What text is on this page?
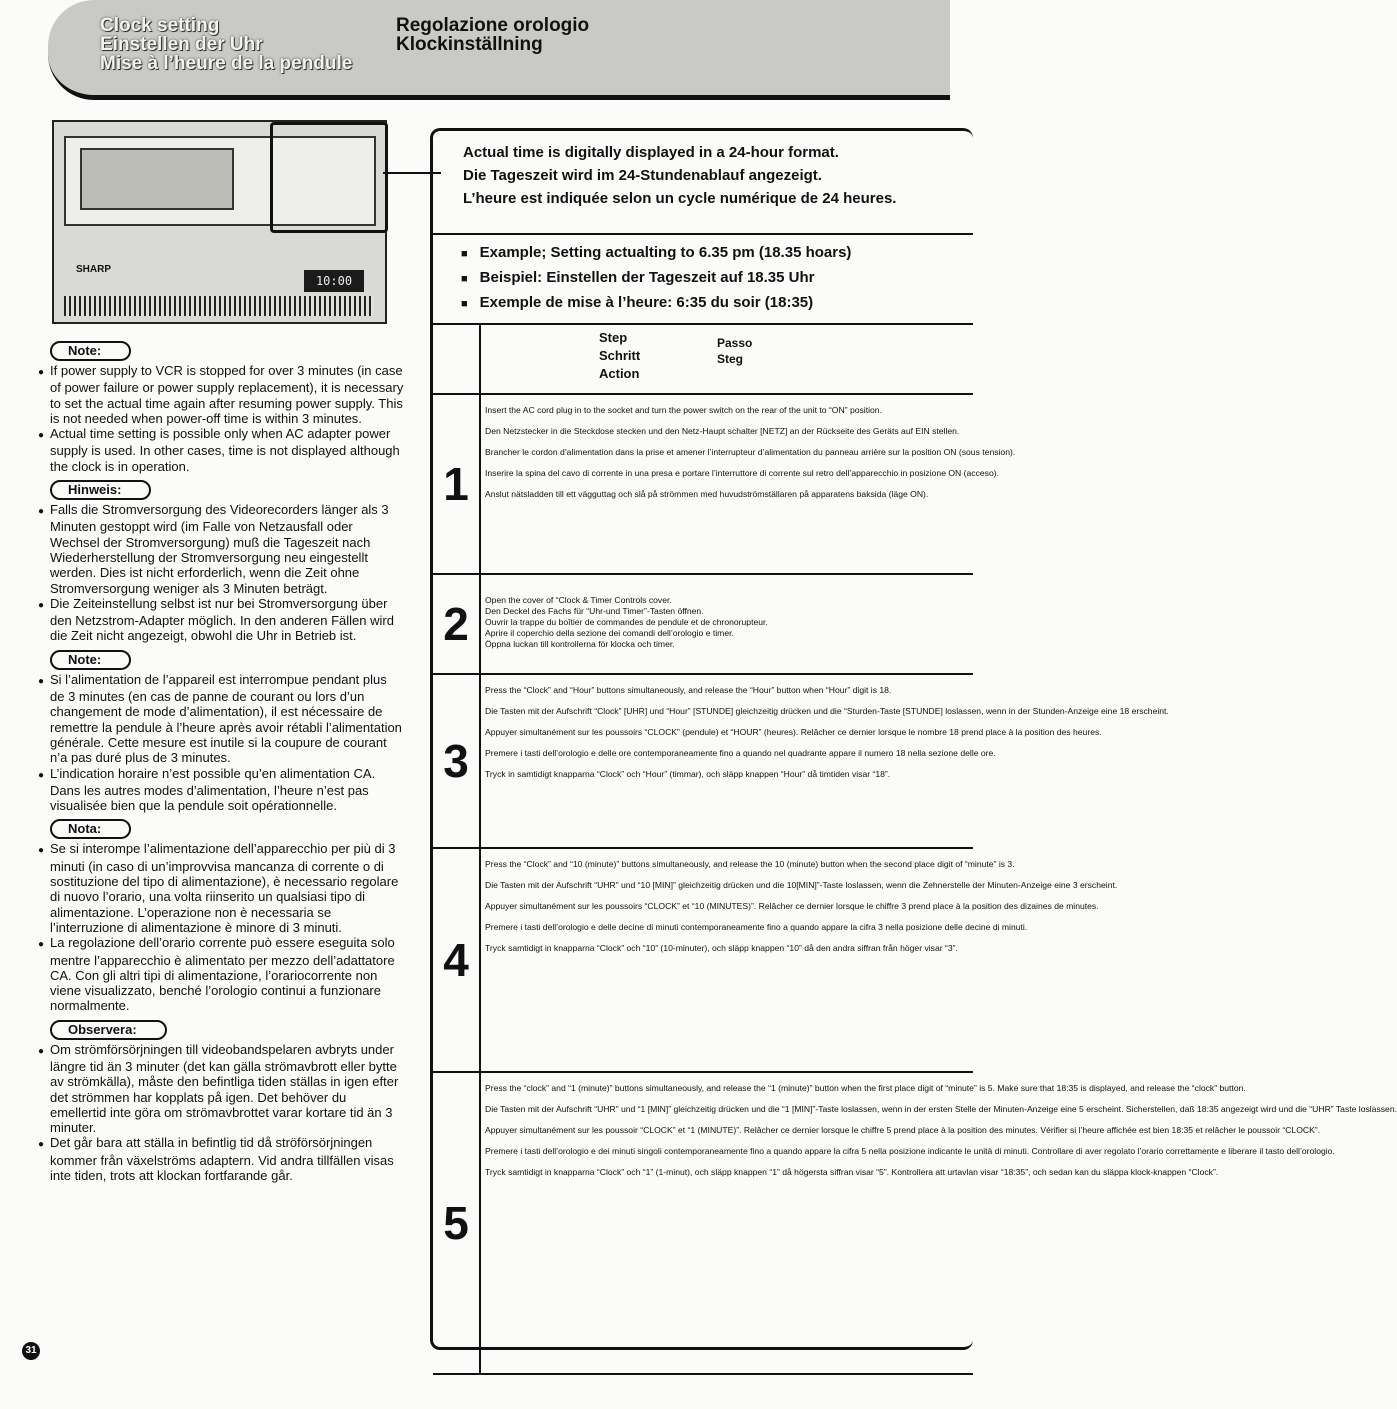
Clock setting
Einstellen der Uhr
Mise à l’heure de la pendule
Regolazione orologio
Klockinställning
SHARP
10:00
Note:
● If power supply to VCR is stopped for over 3 minutes (in case of power failure or power supply replacement), it is necessary to set the actual time again after resuming power supply. This is not needed when power-off time is within 3 minutes.
● Actual time setting is possible only when AC adapter power supply is used. In other cases, time is not displayed although the clock is in operation.
Hinweis:
● Falls die Stromversorgung des Videorecorders länger als 3 Minuten gestoppt wird (im Falle von Netzausfall oder Wechsel der Stromversorgung) muß die Tageszeit nach Wiederherstellung der Stromversorgung neu eingestellt werden. Dies ist nicht erforderlich, wenn die Zeit ohne Stromversorgung weniger als 3 Minuten beträgt.
● Die Zeiteinstellung selbst ist nur bei Stromversorgung über den Netzstrom-Adapter möglich. In den anderen Fällen wird die Zeit nicht angezeigt, obwohl die Uhr in Betrieb ist.
Note:
● Si l’alimentation de l’appareil est interrompue pendant plus de 3 minutes (en cas de panne de courant ou lors d’un changement de mode d’alimentation), il est nécessaire de remettre la pendule à l’heure après avoir rétabli l’alimentation générale. Cette mesure est inutile si la coupure de courant n’a pas duré plus de 3 minutes.
● L’indication horaire n’est possible qu’en alimentation CA. Dans les autres modes d’alimentation, l’heure n’est pas visualisée bien que la pendule soit opérationnelle.
Nota:
● Se si interompe l’alimentazione dell’apparecchio per più di 3 minuti (in caso di un’improvvisa mancanza di corrente o di sostituzione del tipo di alimentazione), è necessario regolare di nuovo l’orario, una volta riinserito un qualsiasi tipo di alimentazione. L’operazione non è necessaria se l’interruzione di alimentazione è minore di 3 minuti.
● La regolazione dell’orario corrente può essere eseguita solo mentre l’apparecchio è alimentato per mezzo dell’adattatore CA. Con gli altri tipi di alimentazione, l’orariocorrente non viene visualizzato, benché l’orologio continui a funzionare normalmente.
Observera:
● Om strömförsörjningen till videobandspelaren avbryts under längre tid än 3 minuter (det kan gälla strömavbrott eller bytte av strömkälla), måste den befintliga tiden ställas in igen efter det strömmen har kopplats på igen. Det behöver du emellertid inte göra om strömavbrottet varar kortare tid än 3 minuter.
● Det går bara att ställa in befintlig tid då ströförsörjningen kommer från växelströms adaptern. Vid andra tillfällen visas inte tiden, trots att klockan fortfarande går.
31
Actual time is digitally displayed in a 24-hour format.
Die Tageszeit wird im 24-Stundenablauf angezeigt.
L’heure est indiquée selon un cycle numérique de 24 heures.
■ Example; Setting actualting to 6.35 pm (18.35 hoars)
■ Beispiel: Einstellen der Tageszeit auf 18.35 Uhr
■ Exemple de mise à l’heure: 6:35 du soir (18:35)
Step
Schritt
Action
Passo
Steg
1
Insert the AC cord plug in to the socket and turn the power switch on the rear of the unit to “ON” position.
Den Netzstecker in die Steckdose stecken und den Netz-Haupt schalter [NETZ] an der Rückseite des Geräts auf EIN stellen.
Brancher le cordon d’alimentation dans la prise et amener l’interrupteur d’alimentation du panneau arrière sur la position ON (sous tension).
Inserire la spina del cavo di corrente in una presa e portare l’interruttore di corrente sul retro dell’apparecchio in posizione ON (acceso).
Anslut nätsladden till ett vägguttag och slå på strömmen med huvudströmställaren på apparatens baksida (läge ON).
2	Open the cover of “Clock & Timer Controls cover.
Den Deckel des Fachs für “Uhr-und Timer”-Tasten öffnen.
Ouvrir la trappe du boîtier de commandes de pendule et de chronorupteur.
Aprire il coperchio della sezione dei comandi dell’orologio e timer.
Öppna luckan till kontrollerna för klocka och timer.
3
Press the “Clock” and “Hour” buttons simultaneously, and release the “Hour” button when “Hour” digit is 18.
Die Tasten mit der Aufschrift “Clock” [UHR] und “Hour” [STUNDE] gleichzeitig drücken und die “Sturden-Taste [STUNDE] loslassen, wenn in der Stunden-Anzeige eine 18 erscheint.
Appuyer simultanément sur les poussoirs “CLOCK” (pendule) et “HOUR” (heures). Relâcher ce dernier lorsque le nombre 18 prend place à la position des heures.
Premere i tasti dell’orologio e delle ore contemporaneamente fino a quando nel quadrante appare il numero 18 nella sezione delle ore.
Tryck in samtidigt knapparna “Clock” och “Hour” (timmar), och släpp knappen “Hour” då timtiden visar “18”.
4
Press the “Clock” and “10 (minute)” buttons simultaneously, and release the 10 (minute) button when the second place digit of “minute” is 3.
Die Tasten mit der Aufschrift “UHR” und “10 [MIN]” gleichzeitig drücken und die 10[MIN]”-Taste loslassen, wenn die Zehnerstelle der Minuten-Anzeige eine 3 erscheint.
Appuyer simultanément sur les poussoirs “CLOCK” et “10 (MINUTES)”. Relâcher ce dernier lorsque le chiffre 3 prend place à la position des dizaines de minutes.
Premere i tasti dell’orologio e delle decine di minuti contemporaneamente fino a quando appare la cifra 3 nella posizione delle decine di minuti.
Tryck samtidigt in knapparna “Clock” och “10” (10-minuter), och släpp knappen “10” då den andra siffran från höger visar “3”.
5
Press the “clock” and “1 (minute)” buttons simultaneously, and release the “1 (minute)” button when the first place digit of “minute” is 5. Make sure that 18:35 is displayed, and release the “clock” button.
Die Tasten mit der Aufschrift “UHR” und “1 [MIN]” gleichzeitig drücken und die “1 [MIN]”-Taste loslassen, wenn in der ersten Stelle der Minuten-Anzeige eine 5 erscheint. Sicherstellen, daß 18:35 angezeigt wird und die “UHR” Taste loslassen.
Appuyer simultanément sur les poussoir “CLOCK” et “1 (MINUTE)”. Relâcher ce dernier lorsque le chiffre 5 prend place à la position des minutes. Vérifier si l’heure affichée est bien 18:35 et relâcher le poussoir “CLOCK”.
Premere i tasti dell’orologio e dei minuti singoli contemporaneamente fino a quando appare la cifra 5 nella posizione indicante le unità di minuti. Controllare di aver regolato l’orario correttamente e liberare il tasto dell’orologio.
Tryck samtidigt in knapparna “Clock” och “1” (1-minut), och släpp knappen “1” då högersta siffran visar “5”. Kontrollera att urtavlan visar “18:35”, och sedan kan du släppa klock-knappen “Clock”.
